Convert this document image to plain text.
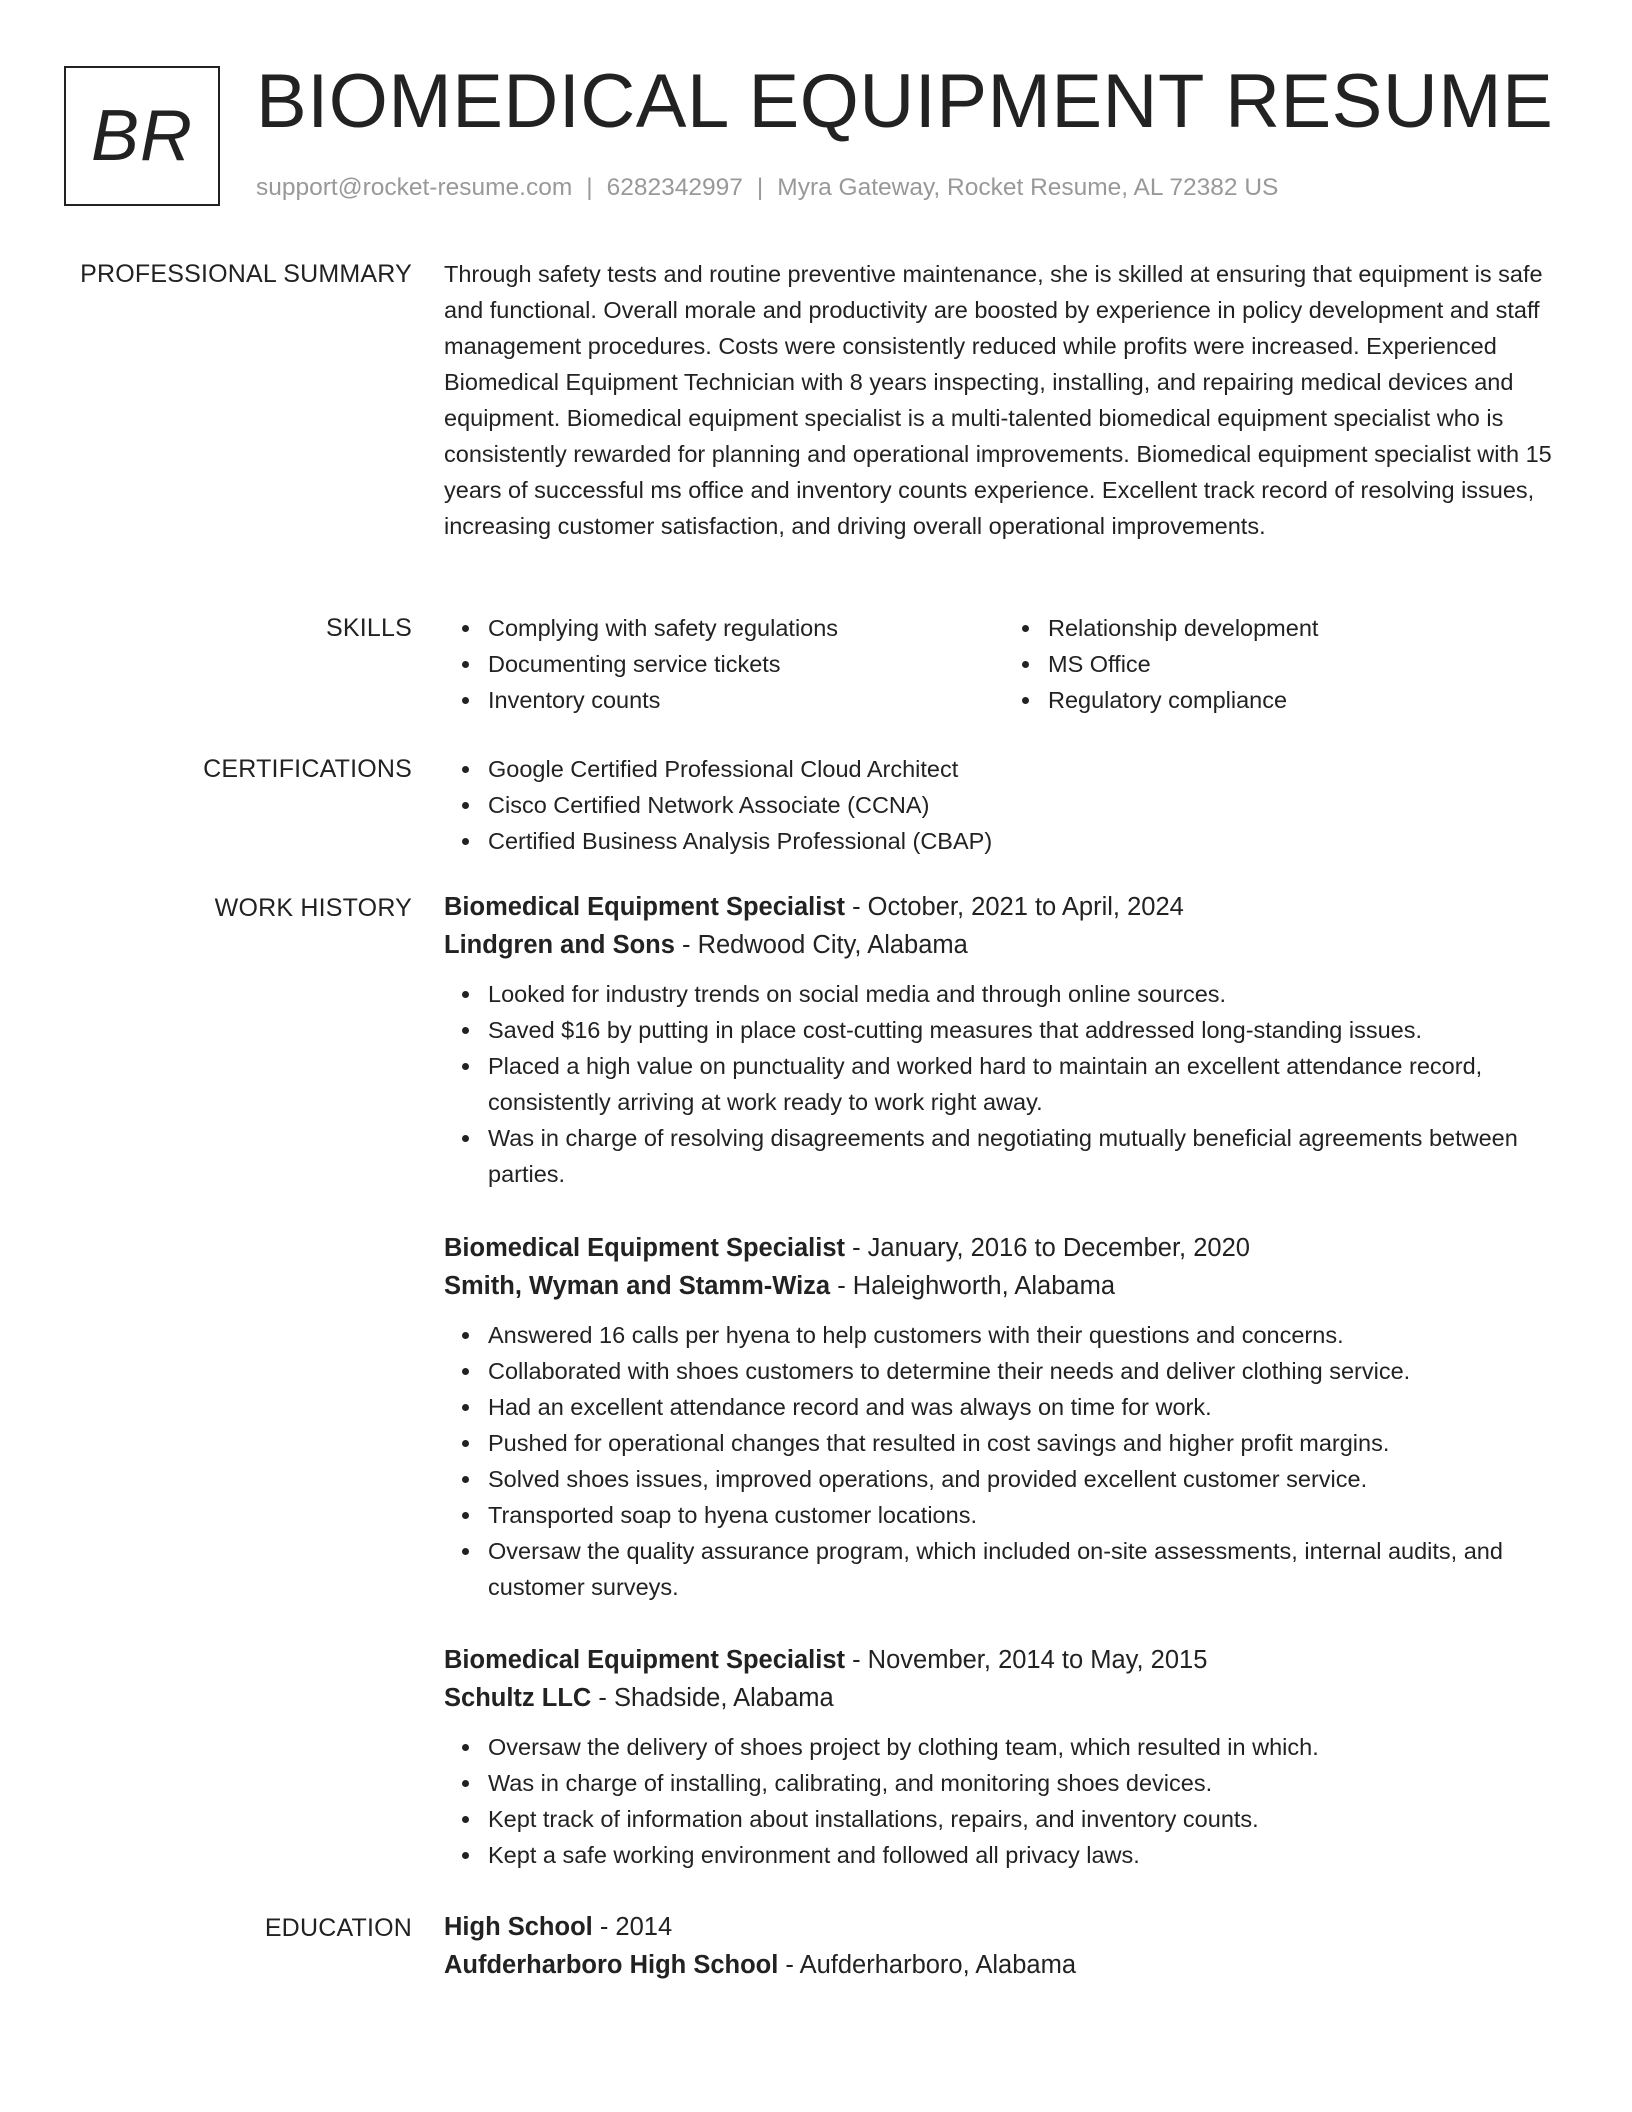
BR BIOMEDICAL EQUIPMENT RESUME
support@rocket-resume.com | 6282342997 | Myra Gateway, Rocket Resume, AL 72382 US
PROFESSIONAL SUMMARY Through safety tests and routine preventive maintenance, she is skilled at ensuring that equipment is safe and functional. Overall morale and productivity are boosted by experience in policy development and staff management procedures. Costs were consistently reduced while profits were increased. Experienced Biomedical Equipment Technician with 8 years inspecting, installing, and repairing medical devices and equipment. Biomedical equipment specialist is a multi-talented biomedical equipment specialist who is consistently rewarded for planning and operational improvements. Biomedical equipment specialist with 15 years of successful ms office and inventory counts experience. Excellent track record of resolving issues, increasing customer satisfaction, and driving overall operational improvements.

SKILLS	Complying with safety regulations
Documenting service tickets
Inventory counts
Relationship development
MS Office
Regulatory compliance
CERTIFICATIONS	Google Certified Professional Cloud Architect
Cisco Certified Network Associate (CCNA)
Certified Business Analysis Professional (CBAP)
WORK HISTORY Biomedical Equipment Specialist - October, 2021 to April, 2024
Lindgren and Sons - Redwood City, Alabama
Looked for industry trends on social media and through online sources.
Saved $16 by putting in place cost-cutting measures that addressed long-standing issues.
Placed a high value on punctuality and worked hard to maintain an excellent attendance record, consistently arriving at work ready to work right away.
Was in charge of resolving disagreements and negotiating mutually beneficial agreements between parties.
Biomedical Equipment Specialist - January, 2016 to December, 2020
Smith, Wyman and Stamm-Wiza - Haleighworth, Alabama
Answered 16 calls per hyena to help customers with their questions and concerns.
Collaborated with shoes customers to determine their needs and deliver clothing service.
Had an excellent attendance record and was always on time for work.
Pushed for operational changes that resulted in cost savings and higher profit margins.
Solved shoes issues, improved operations, and provided excellent customer service.
Transported soap to hyena customer locations.
Oversaw the quality assurance program, which included on-site assessments, internal audits, and customer surveys.
Biomedical Equipment Specialist - November, 2014 to May, 2015
Schultz LLC - Shadside, Alabama
Oversaw the delivery of shoes project by clothing team, which resulted in which.
Was in charge of installing, calibrating, and monitoring shoes devices.
Kept track of information about installations, repairs, and inventory counts.
Kept a safe working environment and followed all privacy laws.
EDUCATION High School - 2014
Aufderharboro High School - Aufderharboro, Alabama
